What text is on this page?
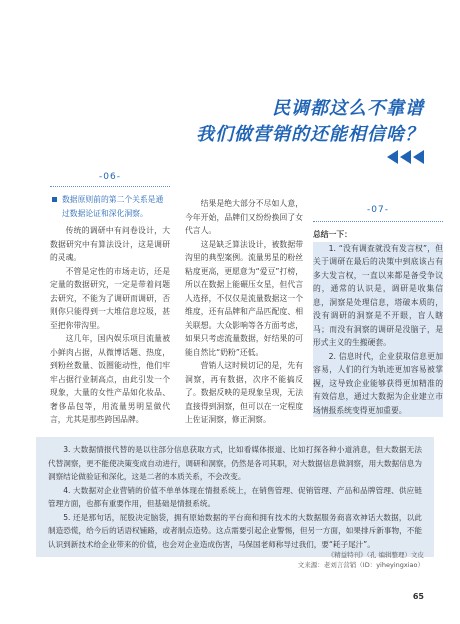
民调都这么不靠谱
我们做营销的还能相信啥？
-06-
数据原则前的第二个关系是通过数据论证和深化洞察。

传统的调研中有问卷设计，大数据研究中有算法设计，这是调研的灵魂。

不管是定性的市场走访，还是定量的数据研究，一定是带着问题去研究，不能为了调研而调研，否则你只能得到一大堆信息垃圾，甚至把你带沟里。

这几年，国内娱乐项目流量被小鲜肉占据，从微博话题、热度，到粉丝数量、饭圈能动性，他们牢牢占据行业制高点，由此引发一个现象，大量的女性产品如化妆品、奢侈品包等，用流量男明星做代言，尤其是那些跨国品牌。

结果是绝大部分不尽如人意，今年开始，品牌们又纷纷换回了女代言人。

这是缺乏算法设计，被数据带沟里的典型案例。流量男星的粉丝粘度更高，更愿意为“爱豆”打榜，所以在数据上能碾压女星，但代言人选择，不仅仅是流量数据这一个维度，还有品牌和产品匹配度、相关联想。大众影响等各方面考虑，如果只考虑流量数据，好结果的可能自然比“奶粉”还低。

营销人这时候切记的是，先有洞察，再有数据，次序不能搞反了。数据反映的是现象呈现，无法直接得到洞察，但可以在一定程度上佐证洞察，修正洞察。

-07-
总结一下：

1. “没有调查就没有发言权”，但关于调研在最后的决策中到底该占有多大发言权，一直以来都是备受争议的，通常的认识是，调研是收集信息，洞察是处理信息，塔破本质的，没有调研的洞察是不开眼，盲人瞎马；而没有洞察的调研是没脑子，是形式主义的生搬硬套。

2. 信息时代，企业获取信息更加容易，人们的行为轨迹更加容易被掌握，这导致企业能够获得更加精准的有效信息，通过大数据为企业建立市场情报系统变得更加重要。

3. 大数据情报代替的是以往部分信息获取方式，比如看媒体报道、比如打探各种小道消息，但大数据无法代替洞察，更不能使决策变成自动进行，调研和洞察，仍然是各司其职，对大数据信息做洞察，用大数据信息为洞察结论做验证和深化，这是二者的本质关系，不会改变。

4. 大数据对企业营销的价值不单单体现在情报系统上，在销售管理、促销管理、产品和品牌管理、供应链管理方面，也都有重要作用，但基础是情报系统。

5. 还是那句话，屁股决定脑袋，拥有原始数据的平台商和拥有技术的大数据服务商喜欢神话大数据，以此制造恐慌，给今后的话语权铺路，或者制点造势。这点需要引起企业警惕，但另一方面，如果排斥新事物，不能认识到新技术给企业带来的价值，也会对企业造成伤害，马保国老师称导过我们，要“耗子尾汁”。

《精益特刊》（孔 编辑整理）文皮
文来源：老刘言营销（ID：yiheyingxiao）
65
